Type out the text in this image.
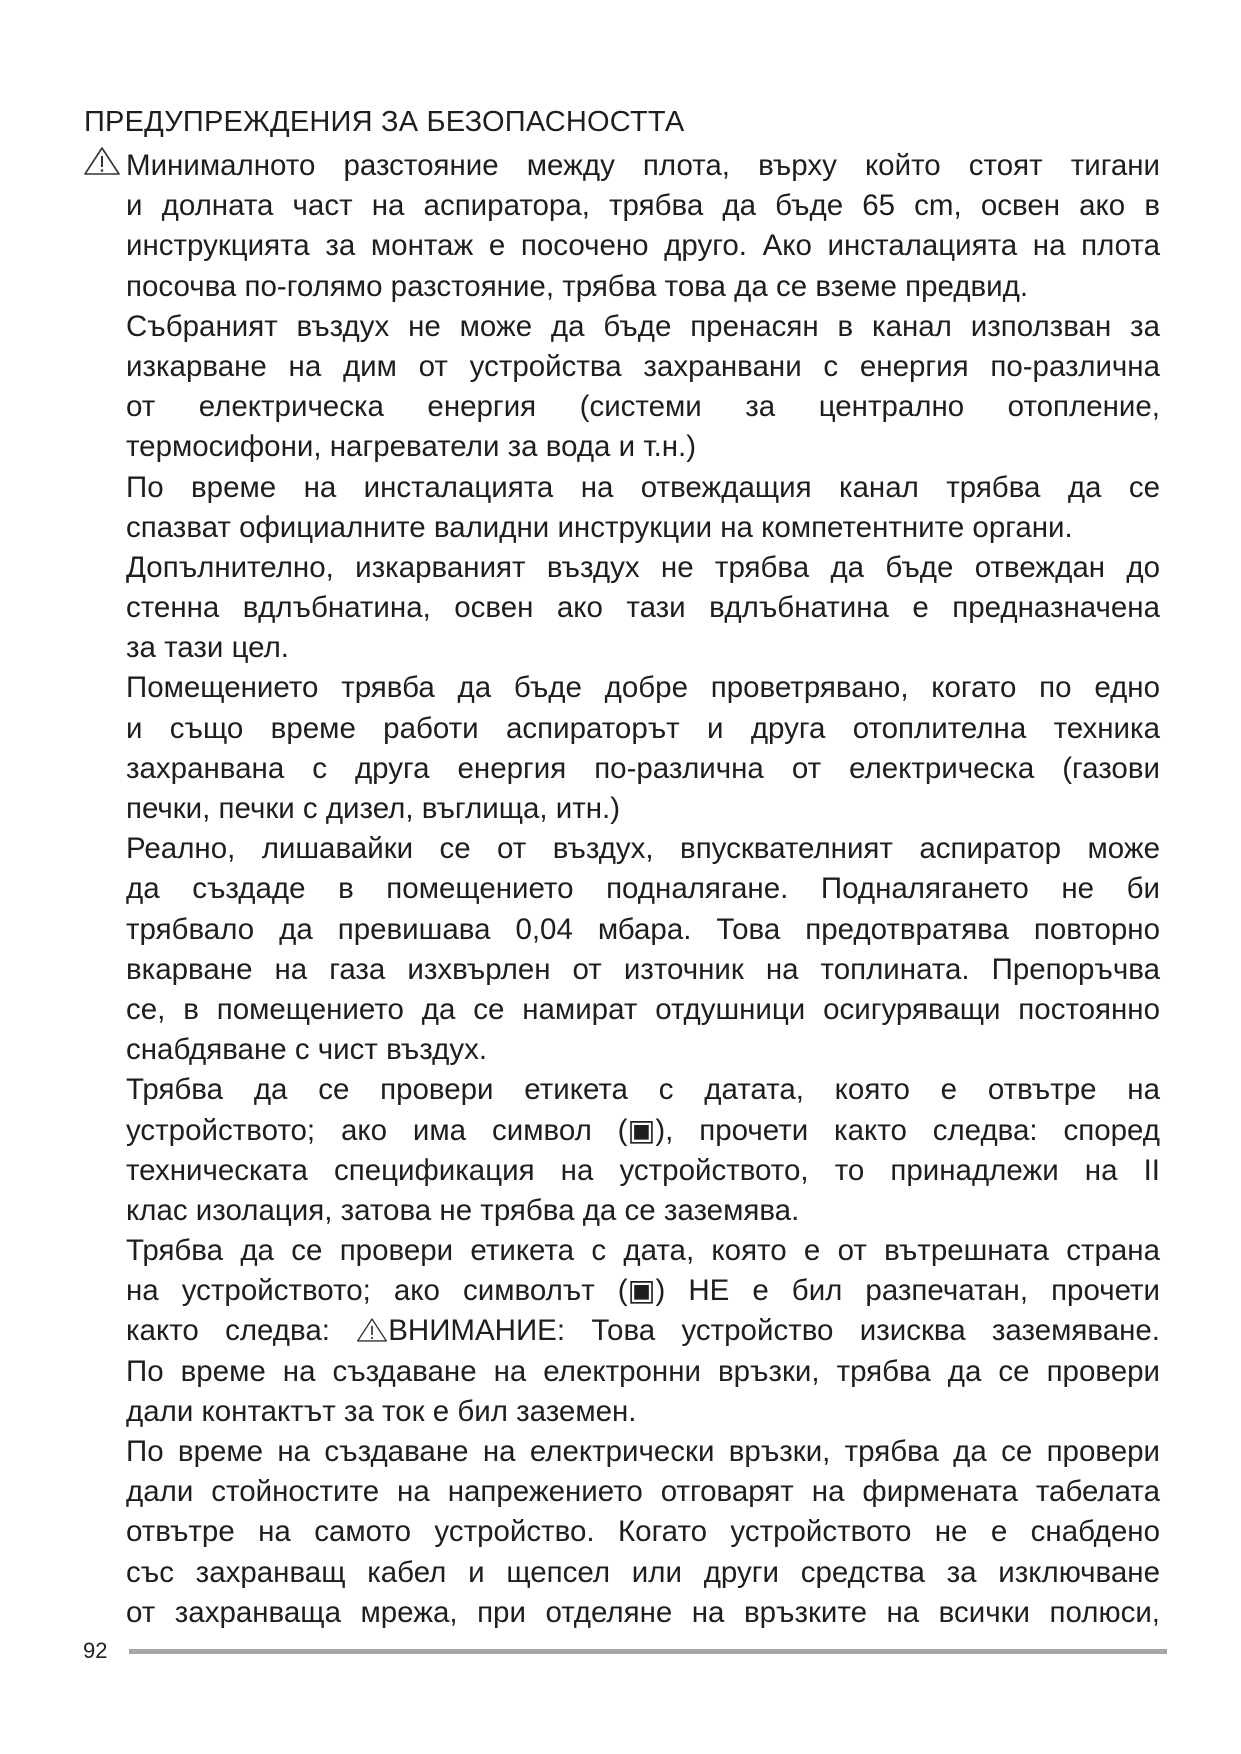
ПРЕДУПРЕЖДЕНИЯ ЗА БЕЗОПАСНОСТТА
Минималното разстояние между плота, върху който стоят тигани
и долната част на аспиратора, трябва да бъде 65 cm, освен ако в
инструкцията за монтаж е посочено друго. Ако инсталацията на плота
посочва по-голямо разстояние, трябва това да се вземе предвид.
Събраният въздух не може да бъде пренасян в канал използван за
изкарване на дим от устройства захранвани с енергия по-различна
от електрическа енергия (системи за централно отопление,
термосифони, нагреватели за вода и т.н.)
По време на инсталацията на отвеждащия канал трябва да се
спазват официалните валидни инструкции на компетентните органи.
Допълнително, изкарваният въздух не трябва да бъде отвеждан до
стенна вдлъбнатина, освен ако тази вдлъбнатина е предназначена
за тази цел.
Помещението трявба да бъде добре проветрявано, когато по едно
и също време работи аспираторът и друга отоплителна техника
захранвана с друга енергия по-различна от електрическа (газови
печки, печки с дизел, въглища, итн.)
Реално, лишавайки се от въздух, впусквателният аспиратор може
да създаде в помещението подналягане. Подналягането не би
трябвало да превишава 0,04 мбара. Това предотвратява повторно
вкарване на газа изхвърлен от източник на топлината. Препоръчва
се, в помещението да се намират отдушници осигуряващи постоянно
снабдяване с чист въздух.
Трябва да се провери етикета с датата, която е отвътре на
устройството; ако има символ (▣), прочети както следва: според
техническата спецификация на устройството, то принадлежи на II
клас изолация, затова не трябва да се заземява.
Трябва да се провери етикета с дата, която е от вътрешната страна
на устройството; ако символът (▣) НЕ е бил разпечатан, прочети
както следва: ВНИМАНИЕ: Това устройство изисква заземяване.
По време на създаване на електронни връзки, трябва да се провери
дали контактът за ток е бил заземен.
По време на създаване на електрически връзки, трябва да се провери
дали стойностите на напрежението отговарят на фирмената табелата
отвътре на самото устройство. Когато устройството не е снабдено
със захранващ кабел и щепсел или други средства за изключване
от захранваща мрежа, при отделяне на връзките на всички полюси,
92
